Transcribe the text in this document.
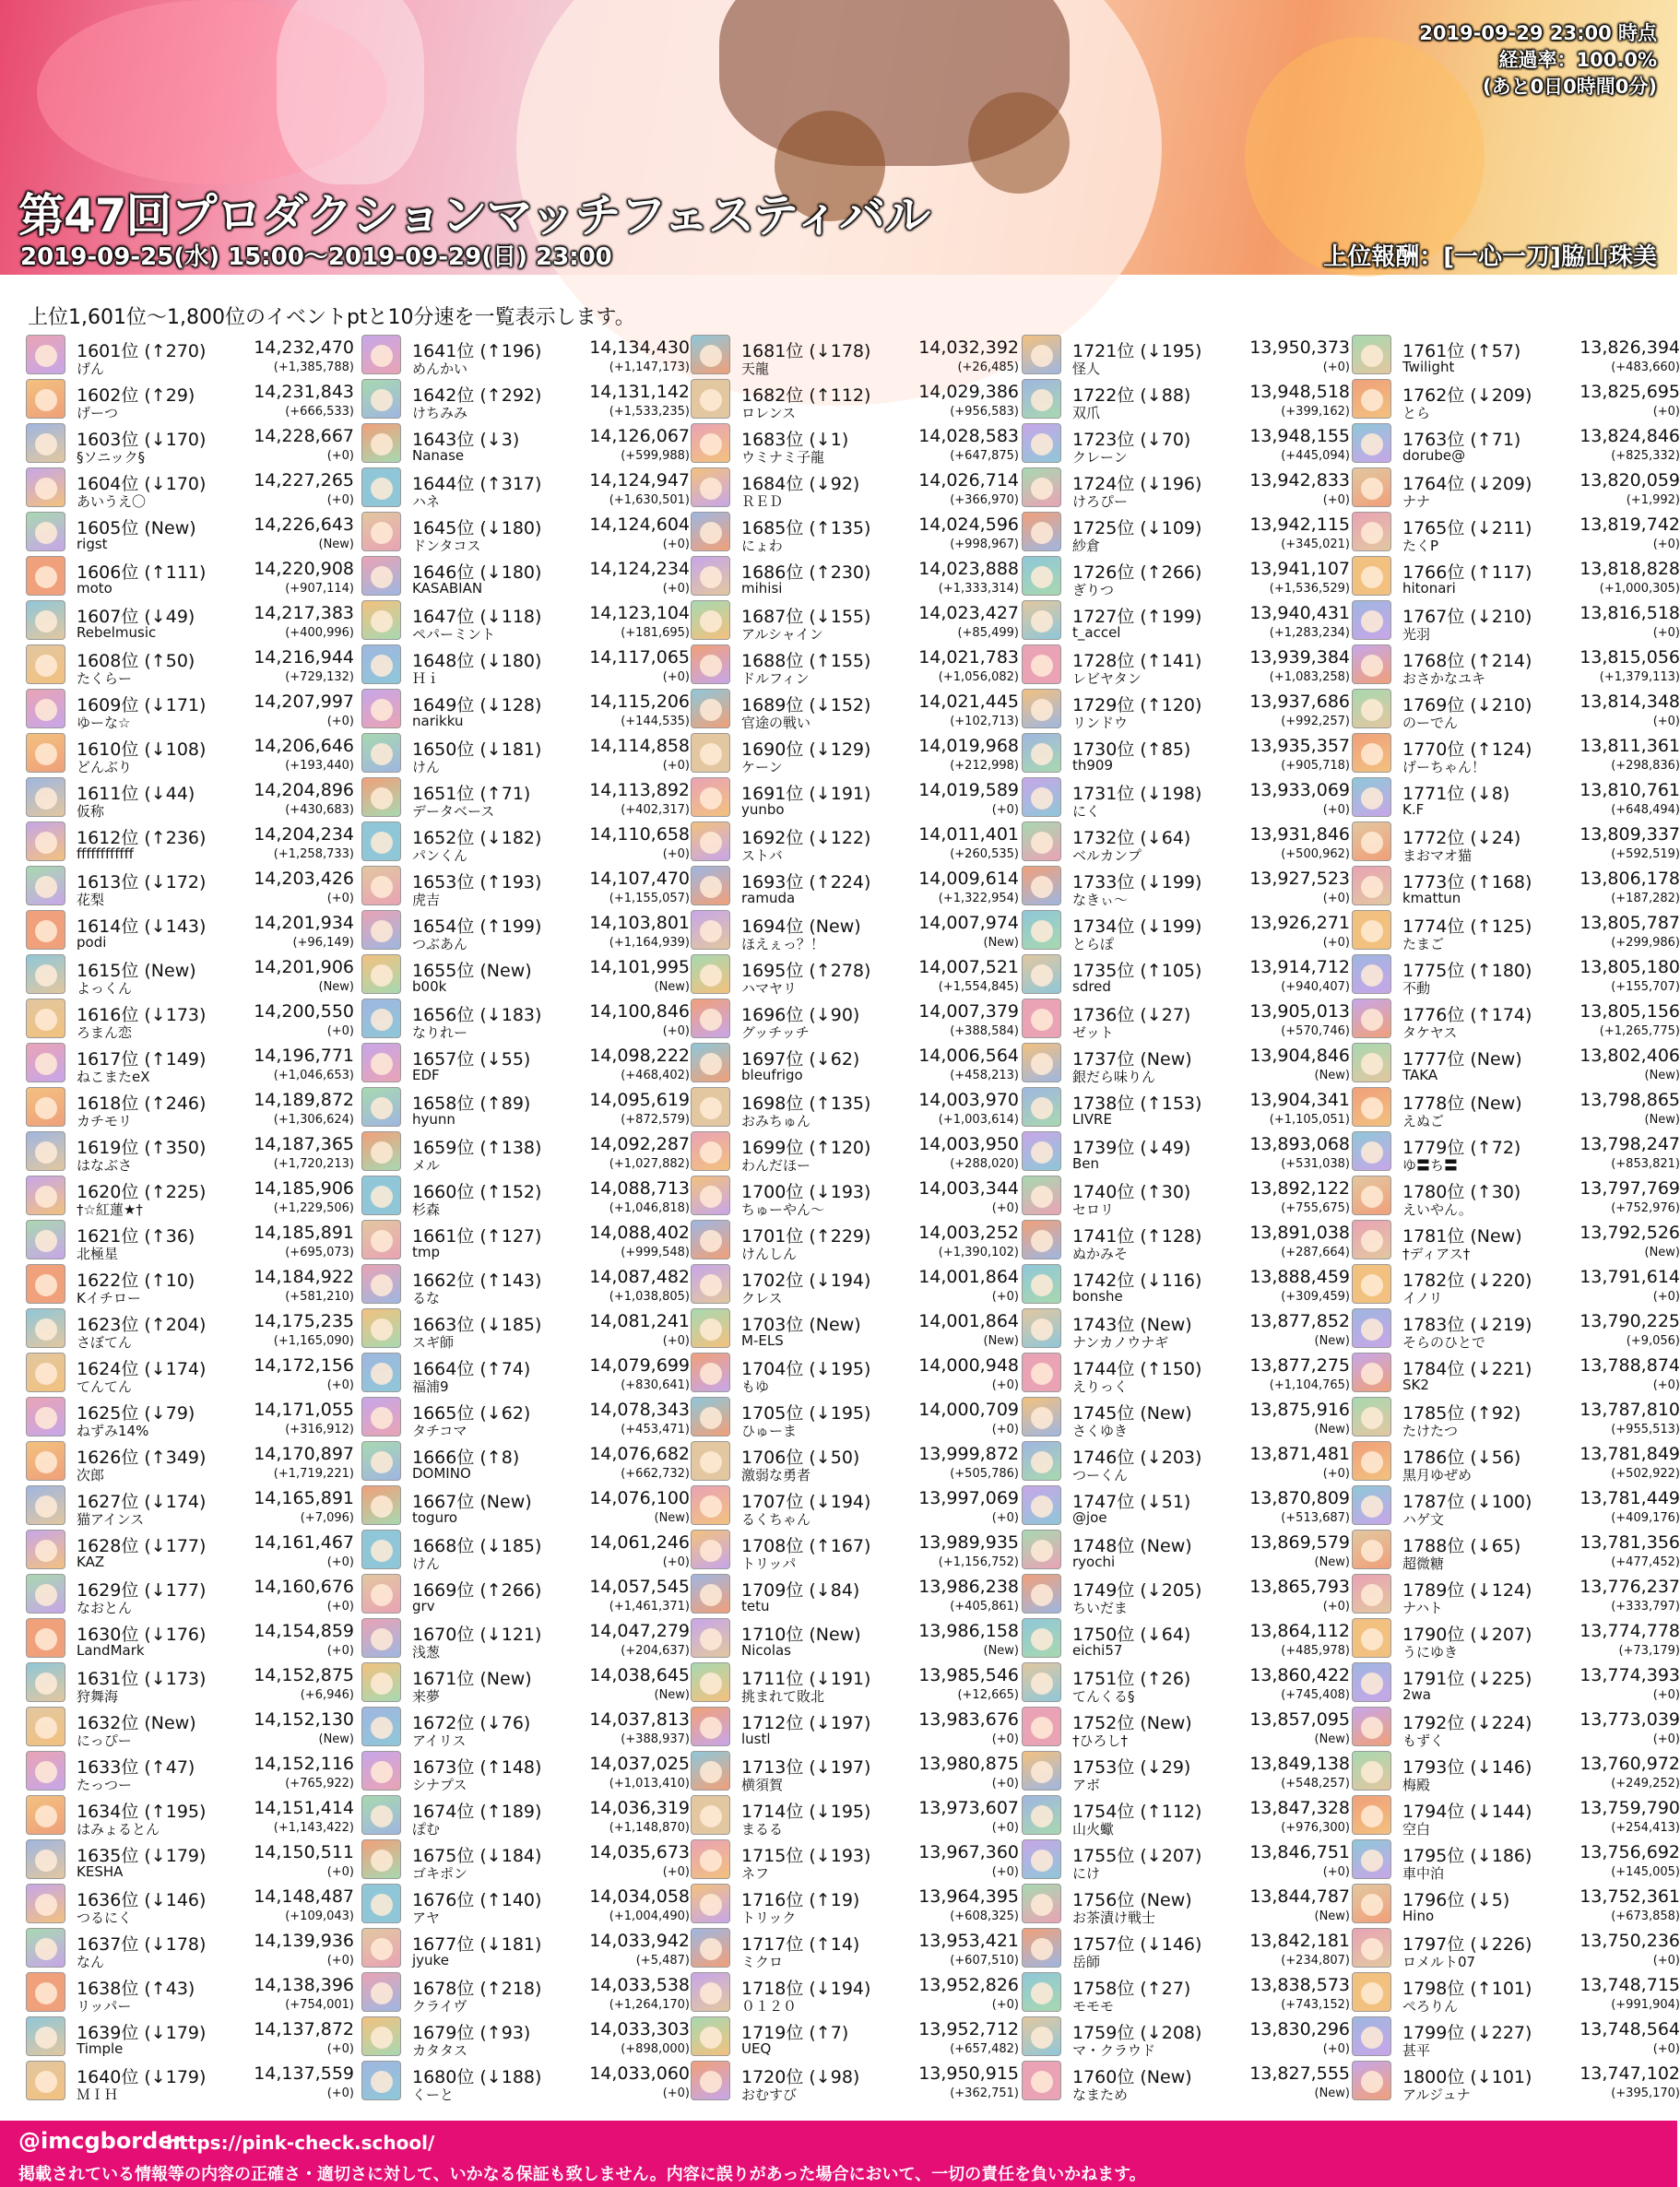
2019-09-29 23:00 時点
経過率：100.0%
(あと0日0時間0分)
第47回プロダクションマッチフェスティバル
2019-09-25(水) 15:00～2019-09-29(日) 23:00	上位報酬：[一心一刀]脇山珠美
上位1,601位～1,800位のイベントptと10分速を一覧表示します。
1601位 (↑270)	14,232,470
げん	(+1,385,788)
1602位 (↑29)	14,231,843
げーつ	(+666,533)
1603位 (↓170)	14,228,667
§ソニック§	(+0)
1604位 (↓170)	14,227,265
あいうえ〇	(+0)
1605位 (New)	14,226,643
rigst	(New)
1606位 (↑111)	14,220,908
moto	(+907,114)
1607位 (↓49)	14,217,383
Rebelmusic	(+400,996)
1608位 (↑50)	14,216,944
たくらー	(+729,132)
1609位 (↓171)	14,207,997
ゆーな☆	(+0)
1610位 (↓108)	14,206,646
どんぶり	(+193,440)
1611位 (↓44)	14,204,896
仮称	(+430,683)
1612位 (↑236)	14,204,234
ffffffffffff	(+1,258,733)
1613位 (↓172)	14,203,426
花梨	(+0)
1614位 (↓143)	14,201,934
podi	(+96,149)
1615位 (New)	14,201,906
よっくん	(New)
1616位 (↓173)	14,200,550
ろまん恋	(+0)
1617位 (↑149)	14,196,771
ねこまたeX	(+1,046,653)
1618位 (↑246)	14,189,872
カチモリ	(+1,306,624)
1619位 (↑350)	14,187,365
はなぶさ	(+1,720,213)
1620位 (↑225)	14,185,906
†☆紅蓮★†	(+1,229,506)
1621位 (↑36)	14,185,891
北極星	(+695,073)
1622位 (↑10)	14,184,922
Kイチロー	(+581,210)
1623位 (↑204)	14,175,235
さぼてん	(+1,165,090)
1624位 (↓174)	14,172,156
てんてん	(+0)
1625位 (↓79)	14,171,055
ねずみ14%	(+316,912)
1626位 (↑349)	14,170,897
次郎	(+1,719,221)
1627位 (↓174)	14,165,891
猫アインス	(+7,096)
1628位 (↓177)	14,161,467
KAZ	(+0)
1629位 (↓177)	14,160,676
なおとん	(+0)
1630位 (↓176)	14,154,859
LandMark	(+0)
1631位 (↓173)	14,152,875
狩舞海	(+6,946)
1632位 (New)	14,152,130
にっぴー	(New)
1633位 (↑47)	14,152,116
たっつー	(+765,922)
1634位 (↑195)	14,151,414
はみょるとん	(+1,143,422)
1635位 (↓179)	14,150,511
KESHA	(+0)
1636位 (↓146)	14,148,487
つるにく	(+109,043)
1637位 (↓178)	14,139,936
なん	(+0)
1638位 (↑43)	14,138,396
リッパー	(+754,001)
1639位 (↓179)	14,137,872
Timple	(+0)
1640位 (↓179)	14,137,559
ＭＩＨ	(+0)
1641位 (↑196)	14,134,430
めんかい	(+1,147,173)
1642位 (↑292)	14,131,142
けちみみ	(+1,533,235)
1643位 (↓3)	14,126,067
Nanase	(+599,988)
1644位 (↑317)	14,124,947
ハネ	(+1,630,501)
1645位 (↓180)	14,124,604
ドンタコス	(+0)
1646位 (↓180)	14,124,234
KASABIAN	(+0)
1647位 (↓118)	14,123,104
ペパーミント	(+181,695)
1648位 (↓180)	14,117,065
Ｈｉ	(+0)
1649位 (↓128)	14,115,206
narikku	(+144,535)
1650位 (↓181)	14,114,858
けん	(+0)
1651位 (↑71)	14,113,892
データベース	(+402,317)
1652位 (↓182)	14,110,658
パンくん	(+0)
1653位 (↑193)	14,107,470
虎吉	(+1,155,057)
1654位 (↑199)	14,103,801
つぶあん	(+1,164,939)
1655位 (New)	14,101,995
b00k	(New)
1656位 (↓183)	14,100,846
なりれー	(+0)
1657位 (↓55)	14,098,222
EDF	(+468,402)
1658位 (↑89)	14,095,619
hyunn	(+872,579)
1659位 (↑138)	14,092,287
メル	(+1,027,882)
1660位 (↑152)	14,088,713
杉森	(+1,046,818)
1661位 (↑127)	14,088,402
tmp	(+999,548)
1662位 (↑143)	14,087,482
るな	(+1,038,805)
1663位 (↓185)	14,081,241
スギ師	(+0)
1664位 (↑74)	14,079,699
福浦9	(+830,641)
1665位 (↓62)	14,078,343
タチコマ	(+453,471)
1666位 (↑8)	14,076,682
DOMINO	(+662,732)
1667位 (New)	14,076,100
toguro	(New)
1668位 (↓185)	14,061,246
けん	(+0)
1669位 (↑266)	14,057,545
grv	(+1,461,371)
1670位 (↓121)	14,047,279
浅葱	(+204,637)
1671位 (New)	14,038,645
来夢	(New)
1672位 (↓76)	14,037,813
アイリス	(+388,937)
1673位 (↑148)	14,037,025
シナプス	(+1,013,410)
1674位 (↑189)	14,036,319
ぽむ	(+1,148,870)
1675位 (↓184)	14,035,673
ゴキポン	(+0)
1676位 (↑140)	14,034,058
アヤ	(+1,004,490)
1677位 (↓181)	14,033,942
jyuke	(+5,487)
1678位 (↑218)	14,033,538
クライヴ	(+1,264,170)
1679位 (↑93)	14,033,303
カタタス	(+898,000)
1680位 (↓188)	14,033,060
くーと	(+0)
1681位 (↓178)	14,032,392
天龍	(+26,485)
1682位 (↑112)	14,029,386
ロレンス	(+956,583)
1683位 (↓1)	14,028,583
ウミナミ子龍	(+647,875)
1684位 (↓92)	14,026,714
ＲＥＤ	(+366,970)
1685位 (↑135)	14,024,596
にょわ	(+998,967)
1686位 (↑230)	14,023,888
mihisi	(+1,333,314)
1687位 (↓155)	14,023,427
アルシャイン	(+85,499)
1688位 (↑155)	14,021,783
ドルフィン	(+1,056,082)
1689位 (↓152)	14,021,445
官途の戦い	(+102,713)
1690位 (↓129)	14,019,968
ケーン	(+212,998)
1691位 (↓191)	14,019,589
yunbo	(+0)
1692位 (↓122)	14,011,401
ストバ	(+260,535)
1693位 (↑224)	14,009,614
ramuda	(+1,322,954)
1694位 (New)	14,007,974
ほえぇっ？！	(New)
1695位 (↑278)	14,007,521
ハマヤリ	(+1,554,845)
1696位 (↓90)	14,007,379
グッチッチ	(+388,584)
1697位 (↓62)	14,006,564
bleufrigo	(+458,213)
1698位 (↑135)	14,003,970
おみちゅん	(+1,003,614)
1699位 (↑120)	14,003,950
わんだほー	(+288,020)
1700位 (↓193)	14,003,344
ちゅーやん～	(+0)
1701位 (↑229)	14,003,252
けんしん	(+1,390,102)
1702位 (↓194)	14,001,864
クレス	(+0)
1703位 (New)	14,001,864
M-ELS	(New)
1704位 (↓195)	14,000,948
もゆ	(+0)
1705位 (↓195)	14,000,709
ひゅーま	(+0)
1706位 (↓50)	13,999,872
激弱な勇者	(+505,786)
1707位 (↓194)	13,997,069
るくちゃん	(+0)
1708位 (↑167)	13,989,935
トリッパ	(+1,156,752)
1709位 (↓84)	13,986,238
tetu	(+405,861)
1710位 (New)	13,986,158
Nicolas	(New)
1711位 (↓191)	13,985,546
挑まれて敗北	(+12,665)
1712位 (↓197)	13,983,676
lustl	(+0)
1713位 (↓197)	13,980,875
横須賀	(+0)
1714位 (↓195)	13,973,607
まるる	(+0)
1715位 (↓193)	13,967,360
ネフ	(+0)
1716位 (↑19)	13,964,395
トリック	(+608,325)
1717位 (↑14)	13,953,421
ミクロ	(+607,510)
1718位 (↓194)	13,952,826
０１２０	(+0)
1719位 (↑7)	13,952,712
UEQ	(+657,482)
1720位 (↓98)	13,950,915
おむすび	(+362,751)
1721位 (↓195)	13,950,373
怪人	(+0)
1722位 (↓88)	13,948,518
双爪	(+399,162)
1723位 (↓70)	13,948,155
クレーン	(+445,094)
1724位 (↓196)	13,942,833
けろぴー	(+0)
1725位 (↓109)	13,942,115
紗倉	(+345,021)
1726位 (↑266)	13,941,107
ぎりつ	(+1,536,529)
1727位 (↑199)	13,940,431
t_accel	(+1,283,234)
1728位 (↑141)	13,939,384
レビヤタン	(+1,083,258)
1729位 (↑120)	13,937,686
リンドウ	(+992,257)
1730位 (↑85)	13,935,357
th909	(+905,718)
1731位 (↓198)	13,933,069
にく	(+0)
1732位 (↓64)	13,931,846
ベルカンプ	(+500,962)
1733位 (↓199)	13,927,523
なきぃ～	(+0)
1734位 (↓199)	13,926,271
とらぽ	(+0)
1735位 (↑105)	13,914,712
sdred	(+940,407)
1736位 (↓27)	13,905,013
ゼット	(+570,746)
1737位 (New)	13,904,846
銀だら味りん	(New)
1738位 (↑153)	13,904,341
LIVRE	(+1,105,051)
1739位 (↓49)	13,893,068
Ben	(+531,038)
1740位 (↑30)	13,892,122
セロリ	(+755,675)
1741位 (↑128)	13,891,038
ぬかみそ	(+287,664)
1742位 (↓116)	13,888,459
bonshe	(+309,459)
1743位 (New)	13,877,852
ナンカノウナギ	(New)
1744位 (↑150)	13,877,275
えりっく	(+1,104,765)
1745位 (New)	13,875,916
さくゆき	(New)
1746位 (↓203)	13,871,481
つーくん	(+0)
1747位 (↓51)	13,870,809
@joe	(+513,687)
1748位 (New)	13,869,579
ryochi	(New)
1749位 (↓205)	13,865,793
ちいだま	(+0)
1750位 (↓64)	13,864,112
eichi57	(+485,978)
1751位 (↑26)	13,860,422
てんくる§	(+745,408)
1752位 (New)	13,857,095
†ひろし†	(New)
1753位 (↓29)	13,849,138
アボ	(+548,257)
1754位 (↑112)	13,847,328
山火蠍	(+976,300)
1755位 (↓207)	13,846,751
にけ	(+0)
1756位 (New)	13,844,787
お茶漬け戦士	(New)
1757位 (↓146)	13,842,181
岳師	(+234,807)
1758位 (↑27)	13,838,573
モモモ	(+743,152)
1759位 (↓208)	13,830,296
マ・クラウド	(+0)
1760位 (New)	13,827,555
なまため	(New)
1761位 (↑57)	13,826,394
Twilight	(+483,660)
1762位 (↓209)	13,825,695
とら	(+0)
1763位 (↑71)	13,824,846
dorube@	(+825,332)
1764位 (↓209)	13,820,059
ナナ	(+1,992)
1765位 (↓211)	13,819,742
たくP	(+0)
1766位 (↑117)	13,818,828
hitonari	(+1,000,305)
1767位 (↓210)	13,816,518
光羽	(+0)
1768位 (↑214)	13,815,056
おさかなユキ	(+1,379,113)
1769位 (↓210)	13,814,348
のーでん	(+0)
1770位 (↑124)	13,811,361
げーちゃん！	(+298,836)
1771位 (↓8)	13,810,761
K.F	(+648,494)
1772位 (↓24)	13,809,337
まおマオ猫	(+592,519)
1773位 (↑168)	13,806,178
kmattun	(+187,282)
1774位 (↑125)	13,805,787
たまご	(+299,986)
1775位 (↑180)	13,805,180
不動	(+155,707)
1776位 (↑174)	13,805,156
タケヤス	(+1,265,775)
1777位 (New)	13,802,406
TAKA	(New)
1778位 (New)	13,798,865
えぬご	(New)
1779位 (↑72)	13,798,247
ゆ〓ち〓	(+853,821)
1780位 (↑30)	13,797,769
えいやん。	(+752,976)
1781位 (New)	13,792,526
†ディアス†	(New)
1782位 (↓220)	13,791,614
イノリ	(+0)
1783位 (↓219)	13,790,225
そらのひとで	(+9,056)
1784位 (↓221)	13,788,874
SK2	(+0)
1785位 (↑92)	13,787,810
たけたつ	(+955,513)
1786位 (↓56)	13,781,849
黒月ゆぜめ	(+502,922)
1787位 (↓100)	13,781,449
ハゲ文	(+409,176)
1788位 (↓65)	13,781,356
超微糖	(+477,452)
1789位 (↓124)	13,776,237
ナハト	(+333,797)
1790位 (↓207)	13,774,778
うにゆき	(+73,179)
1791位 (↓225)	13,774,393
2wa	(+0)
1792位 (↓224)	13,773,039
もずく	(+0)
1793位 (↓146)	13,760,972
梅殿	(+249,252)
1794位 (↓144)	13,759,790
空白	(+254,413)
1795位 (↓186)	13,756,692
車中泊	(+145,005)
1796位 (↓5)	13,752,361
Hino	(+673,858)
1797位 (↓226)	13,750,236
ロメルト07	(+0)
1798位 (↑101)	13,748,715
ぺろりん	(+991,904)
1799位 (↓227)	13,748,564
甚平	(+0)
1800位 (↓101)	13,747,102
アルジュナ	(+395,170)
@imcgborder
https://pink-check.school/
掲載されている情報等の内容の正確さ・適切さに対して、いかなる保証も致しません。内容に誤りがあった場合において、一切の責任を負いかねます。
